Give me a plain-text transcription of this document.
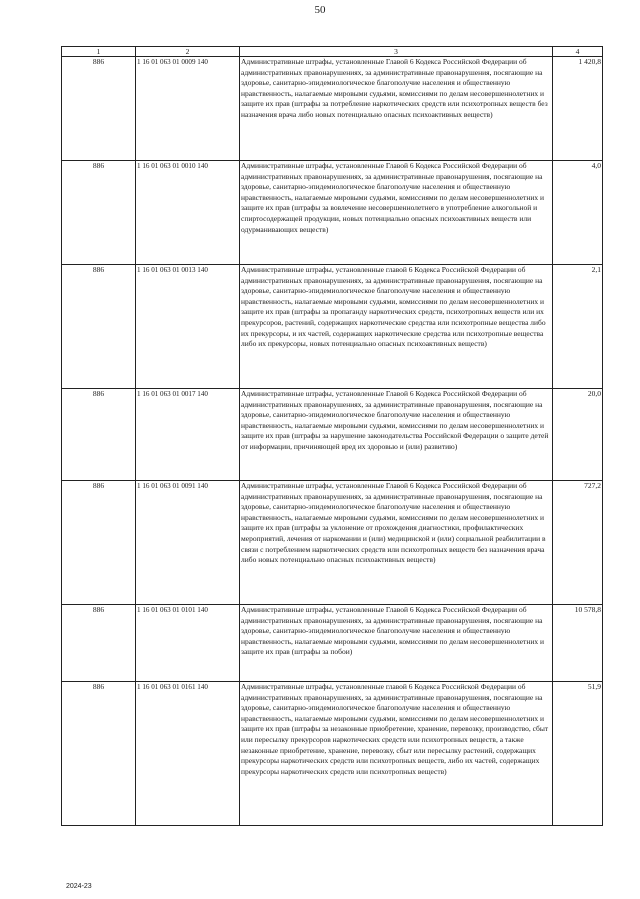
50
1	2	3	4
886	1 16 01 063 01 0009 140	Административные штрафы, установленные Главой 6 Кодекса Российской Федерации об административных правонарушениях, за административные правонарушения, посягающие на здоровье, санитарно-эпидемиологическое благополучие населения и общественную нравственность, налагаемые мировыми судьями, комиссиями по делам несовершеннолетних и защите их прав (штрафы за потребление наркотических средств или психотропных веществ без назначения врача либо новых потенциально опасных психоактивных веществ)	1 420,8
886	1 16 01 063 01 0010 140	Административные штрафы, установленные Главой 6 Кодекса Российской Федерации об административных правонарушениях, за административные правонарушения, посягающие на здоровье, санитарно-эпидемиологическое благополучие населения и общественную нравственность, налагаемые мировыми судьями, комиссиями по делам несовершеннолетних и защите их прав (штрафы за вовлечение несовершеннолетнего в употребление алкогольной и спиртосодержащей продукции, новых потенциально опасных психоактивных веществ или одурманивающих веществ)	4,0
886	1 16 01 063 01 0013 140	Административные штрафы, установленные главой 6 Кодекса Российской Федерации об административных правонарушениях, за административные правонарушения, посягающие на здоровье, санитарно-эпидемиологическое благополучие населения и общественную нравственность, налагаемые мировыми судьями, комиссиями по делам несовершеннолетних и защите их прав (штрафы за пропаганду наркотических средств, психотропных веществ или их прекурсоров, растений, содержащих наркотические средства или психотропные вещества либо их прекурсоры, и их частей, содержащих наркотические средства или психотропные вещества либо их прекурсоры, новых потенциально опасных психоактивных веществ)	2,1
886	1 16 01 063 01 0017 140	Административные штрафы, установленные Главой 6 Кодекса Российской Федерации об административных правонарушениях, за административные правонарушения, посягающие на здоровье, санитарно-эпидемиологическое благополучие населения и общественную нравственность, налагаемые мировыми судьями, комиссиями по делам несовершеннолетних и защите их прав (штрафы за нарушение законодательства Российской Федерации о защите детей от информации, причиняющей вред их здоровью и (или) развитию)	20,0
886	1 16 01 063 01 0091 140	Административные штрафы, установленные Главой 6 Кодекса Российской Федерации об административных правонарушениях, за административные правонарушения, посягающие на здоровье, санитарно-эпидемиологическое благополучие населения и общественную нравственность, налагаемые мировыми судьями, комиссиями по делам несовершеннолетних и защите их прав (штрафы за уклонение от прохождения диагностики, профилактических мероприятий, лечения от наркомании и (или) медицинской и (или) социальной реабилитации в связи с потреблением наркотических средств или психотропных веществ без назначения врача либо новых потенциально опасных психоактивных веществ)	727,2
886	1 16 01 063 01 0101 140	Административные штрафы, установленные Главой 6 Кодекса Российской Федерации об административных правонарушениях, за административные правонарушения, посягающие на здоровье, санитарно-эпидемиологическое благополучие населения и общественную нравственность, налагаемые мировыми судьями, комиссиями по делам несовершеннолетних и защите их прав (штрафы за побои)	10 578,8
886	1 16 01 063 01 0161 140	Административные штрафы, установленные главой 6 Кодекса Российской Федерации об административных правонарушениях, за административные правонарушения, посягающие на здоровье, санитарно-эпидемиологическое благополучие населения и общественную нравственность, налагаемые мировыми судьями, комиссиями по делам несовершеннолетних и защите их прав (штрафы за незаконные приобретение, хранение, перевозку, производство, сбыт или пересылку прекурсоров наркотических средств или психотропных веществ, а также незаконные приобретение, хранение, перевозку, сбыт или пересылку растений, содержащих прекурсоры наркотических средств или психотропных веществ, либо их частей, содержащих прекурсоры наркотических средств или психотропных веществ)	51,9
2024-23
